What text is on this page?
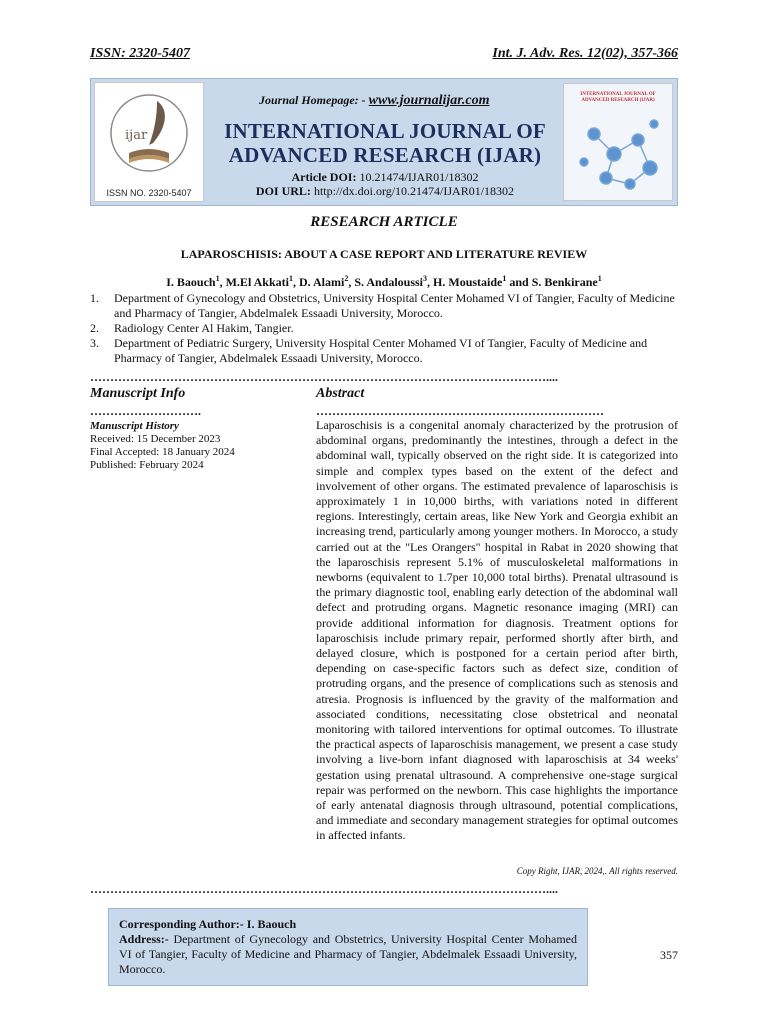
ISSN: 2320-5407	Int. J. Adv. Res. 12(02), 357-366
ijar
ISSN NO. 2320-5407
Journal Homepage: - www.journalijar.com
INTERNATIONAL JOURNAL OF
ADVANCED RESEARCH (IJAR)
Article DOI: 10.21474/IJAR01/18302
DOI URL: http://dx.doi.org/10.21474/IJAR01/18302
INTERNATIONAL JOURNAL OF ADVANCED RESEARCH (IJAR)
RESEARCH ARTICLE
LAPAROSCHISIS: ABOUT A CASE REPORT AND LITERATURE REVIEW
I. Baouch$^1$, M.El Akkati$^1$, D. Alami$^2$, S. Andaloussi$^3$, H. Moustaide$^1$ and S. Benkirane$^1$

1. Department of Gynecology and Obstetrics, University Hospital Center Mohamed VI of Tangier, Faculty of Medicine and Pharmacy of Tangier, Abdelmalek Essaadi University, Morocco.

2. Radiology Center Al Hakim, Tangier.

3. Department of Pediatric Surgery, University Hospital Center Mohamed VI of Tangier, Faculty of Medicine and Pharmacy of Tangier, Abdelmalek Essaadi University, Morocco.

……………………………………………………………………………………………………....
Manuscript Info	Abstract
……………………….	………………………………………………………………
Manuscript History
Received: 15 December 2023
Final Accepted: 18 January 2024
Published: February 2024
Laparoschisis is a congenital anomaly characterized by the protrusion of abdominal organs, predominantly the intestines, through a defect in the abdominal wall, typically observed on the right side. It is categorized into simple and complex types based on the extent of the defect and involvement of other organs. The estimated prevalence of laparoschisis is approximately 1 in 10,000 births, with variations noted in different regions. Interestingly, certain areas, like New York and Georgia exhibit an increasing trend, particularly among younger mothers. In Morocco, a study carried out at the "Les Orangers" hospital in Rabat in 2020 showing that the laparoschisis represent 5.1% of musculoskeletal malformations in newborns (equivalent to 1.7per 10,000 total births). Prenatal ultrasound is the primary diagnostic tool, enabling early detection of the abdominal wall defect and protruding organs. Magnetic resonance imaging (MRI) can provide additional information for diagnosis. Treatment options for laparoschisis include primary repair, performed shortly after birth, and delayed closure, which is postponed for a certain period after birth, depending on case-specific factors such as defect size, condition of protruding organs, and the presence of complications such as stenosis and atresia. Prognosis is influenced by the gravity of the malformation and associated conditions, necessitating close obstetrical and neonatal monitoring with tailored interventions for optimal outcomes. To illustrate the practical aspects of laparoschisis management, we present a case study involving a live-born infant diagnosed with laparoschisis at 34 weeks' gestation using prenatal ultrasound. A comprehensive one-stage surgical repair was performed on the newborn. This case highlights the importance of early antenatal diagnosis through ultrasound, potential complications, and immediate and secondary management strategies for optimal outcomes in affected infants.
Copy Right, IJAR, 2024,. All rights reserved.
……………………………………………………………………………………………………....
Corresponding Author:- I. Baouch
Address:- Department of Gynecology and Obstetrics, University Hospital Center Mohamed VI of Tangier, Faculty of Medicine and Pharmacy of Tangier, Abdelmalek Essaadi University, Morocco.
357
